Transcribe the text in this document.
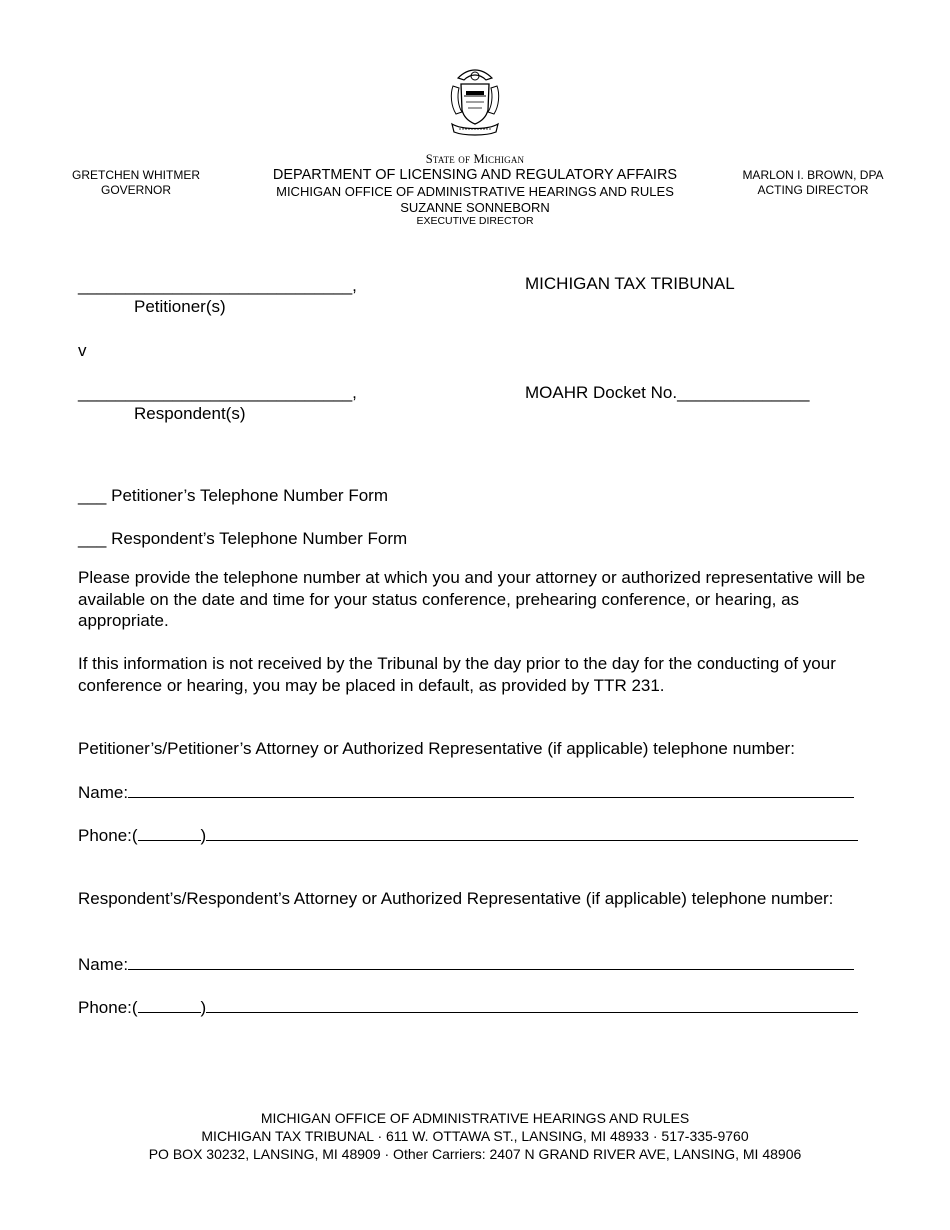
GRETCHEN WHITMER
GOVERNOR
State of Michigan
DEPARTMENT OF LICENSING AND REGULATORY AFFAIRS
MICHIGAN OFFICE OF ADMINISTRATIVE HEARINGS AND RULES
SUZANNE SONNEBORN
EXECUTIVE DIRECTOR
MARLON I. BROWN, DPA
ACTING DIRECTOR
_____________________________,
Petitioner(s)
v
_____________________________,
Respondent(s)
MICHIGAN TAX TRIBUNAL
MOAHR Docket No.______________
___ Petitioner’s Telephone Number Form
___ Respondent’s Telephone Number Form
Please provide the telephone number at which you and your attorney or authorized representative will be available on the date and time for your status conference, prehearing conference, or hearing, as appropriate.
If this information is not received by the Tribunal by the day prior to the day for the conducting of your conference or hearing, you may be placed in default, as provided by TTR 231.
Petitioner’s/Petitioner’s Attorney or Authorized Representative (if applicable) telephone number:
Name:
Phone:(	)
Respondent’s/Respondent’s Attorney or Authorized Representative (if applicable) telephone number:
Name:
Phone:(	)
MICHIGAN OFFICE OF ADMINISTRATIVE HEARINGS AND RULES
MICHIGAN TAX TRIBUNAL · 611 W. OTTAWA ST., LANSING, MI 48933 · 517-335-9760
PO BOX 30232, LANSING, MI 48909 · Other Carriers: 2407 N GRAND RIVER AVE, LANSING, MI 48906
